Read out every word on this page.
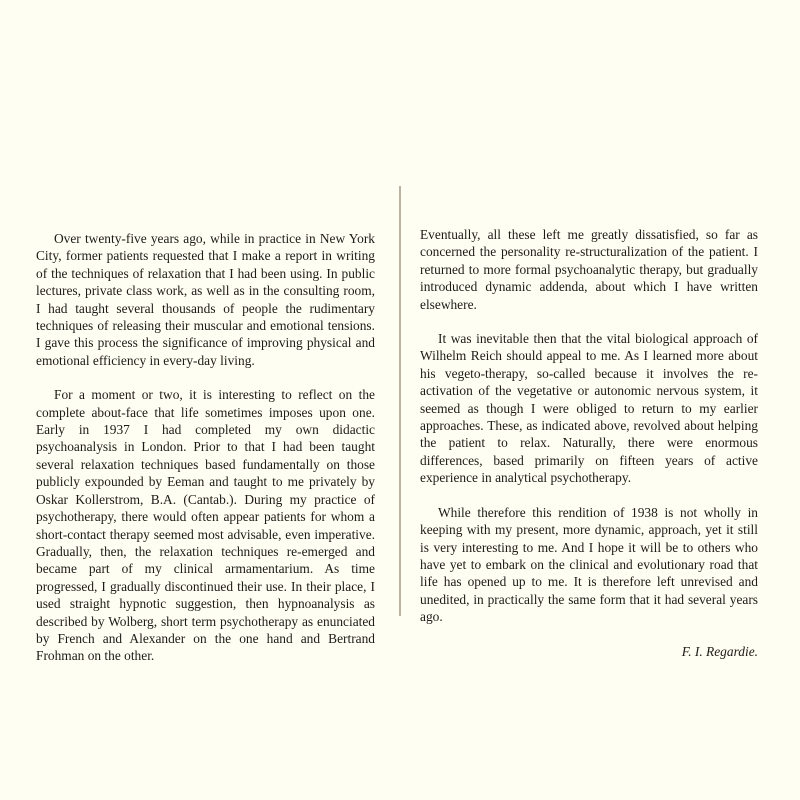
Over twenty-five years ago, while in practice in New York City, former patients requested that I make a report in writing of the techniques of relaxation that I had been using. In public lectures, private class work, as well as in the consulting room, I had taught several thousands of people the rudimentary techniques of releasing their muscular and emotional tensions. I gave this process the significance of improving physical and emotional efficiency in every-day living.

For a moment or two, it is interesting to reflect on the complete about-face that life sometimes imposes upon one. Early in 1937 I had completed my own didactic psychoanalysis in London. Prior to that I had been taught several relaxation techniques based fundamentally on those publicly expounded by Eeman and taught to me privately by Oskar Kollerstrom, B.A. (Cantab.). During my practice of psychotherapy, there would often appear patients for whom a short-contact therapy seemed most advisable, even imperative. Gradually, then, the relaxation techniques re-emerged and became part of my clinical armamentarium. As time progressed, I gradually discontinued their use. In their place, I used straight hypnotic suggestion, then hypnoanalysis as described by Wolberg, short term psychotherapy as enunciated by French and Alexander on the one hand and Bertrand Frohman on the other.

Eventually, all these left me greatly dissatisfied, so far as concerned the personality re-structuralization of the patient. I returned to more formal psychoanalytic therapy, but gradually introduced dynamic addenda, about which I have written elsewhere.

It was inevitable then that the vital biological approach of Wilhelm Reich should appeal to me. As I learned more about his vegeto-therapy, so-called because it involves the re-activation of the vegetative or autonomic nervous system, it seemed as though I were obliged to return to my earlier approaches. These, as indicated above, revolved about helping the patient to relax. Naturally, there were enormous differences, based primarily on fifteen years of active experience in analytical psychotherapy.

While therefore this rendition of 1938 is not wholly in keeping with my present, more dynamic, approach, yet it still is very interesting to me. And I hope it will be to others who have yet to embark on the clinical and evolutionary road that life has opened up to me. It is therefore left unrevised and unedited, in practically the same form that it had several years ago.

F. I. Regardie.
